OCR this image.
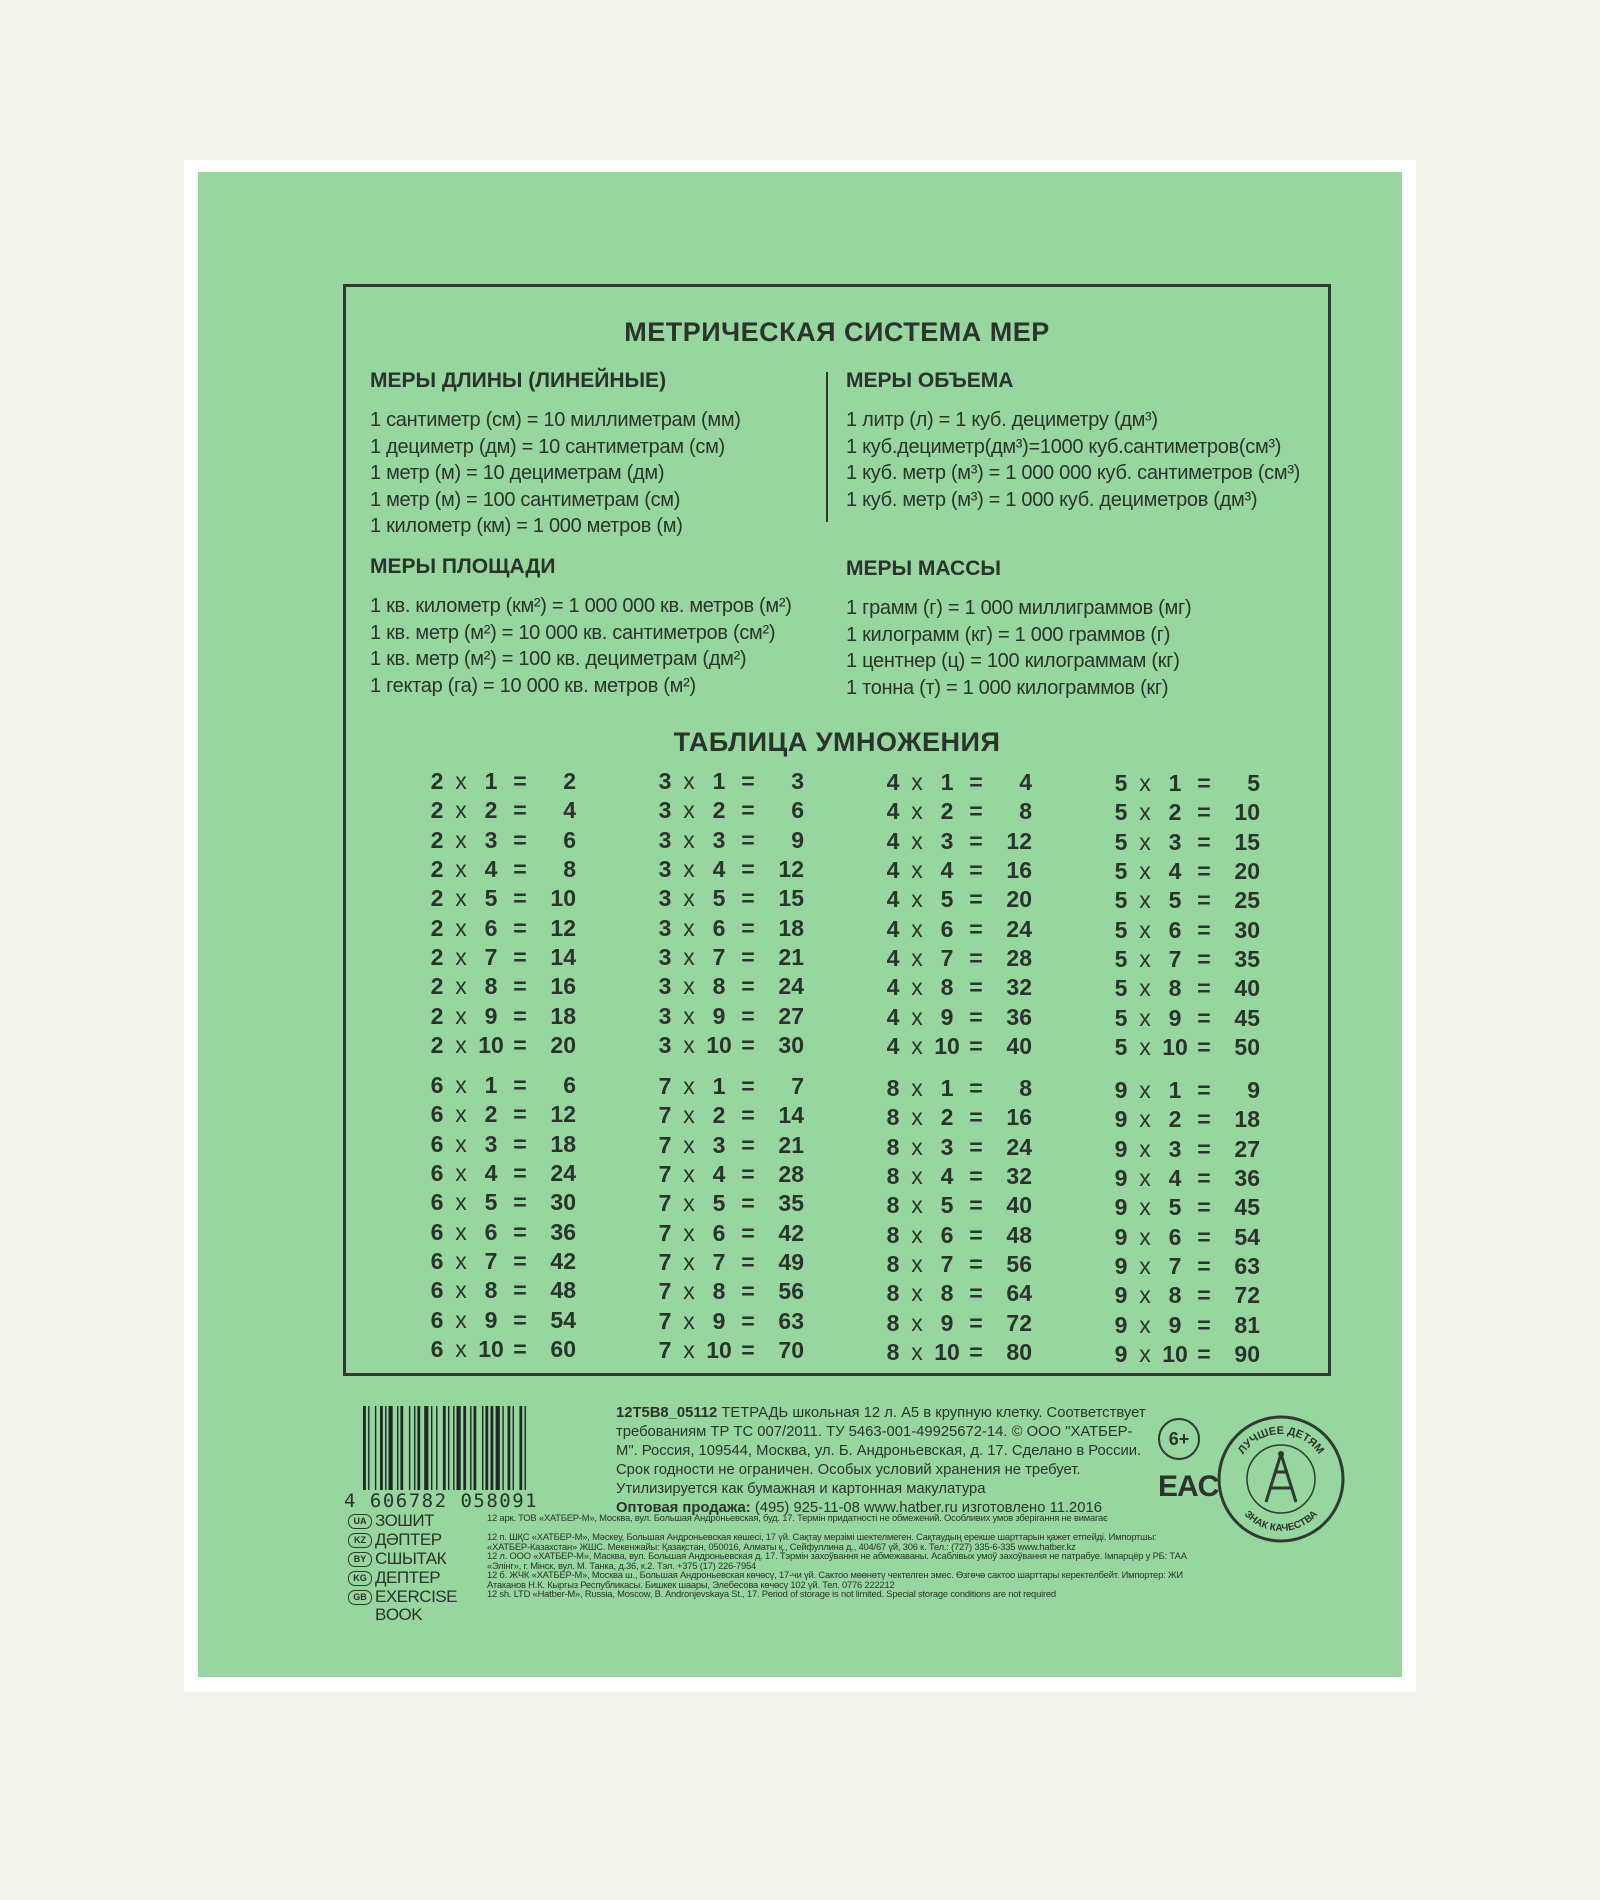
МЕТРИЧЕСКАЯ СИСТЕМА МЕР
МЕРЫ ДЛИНЫ (ЛИНЕЙНЫЕ)
1 сантиметр (см) = 10 миллиметрам (мм)
1 дециметр (дм) = 10 сантиметрам (см)
1 метр (м) = 10 дециметрам (дм)
1 метр (м) = 100 сантиметрам (см)
1 километр (км) = 1 000 метров (м)
МЕРЫ ОБЪЕМА
1 литр (л) = 1 куб. дециметру (дм³)
1 куб.дециметр(дм³)=1000 куб.сантиметров(см³)
1 куб. метр (м³) = 1 000 000 куб. сантиметров (см³)
1 куб. метр (м³) = 1 000 куб. дециметров (дм³)
МЕРЫ ПЛОЩАДИ
1 кв. километр (км²) = 1 000 000 кв. метров (м²)
1 кв. метр (м²) = 10 000 кв. сантиметров (см²)
1 кв. метр (м²) = 100 кв. дециметрам (дм²)
1 гектар (га) = 10 000 кв. метров (м²)
МЕРЫ МАССЫ
1 грамм (г) = 1 000 миллиграммов (мг)
1 килограмм (кг) = 1 000 граммов (г)
1 центнер (ц) = 100 килограммам (кг)
1 тонна (т) = 1 000 килограммов (кг)
ТАБЛИЦА УМНОЖЕНИЯ
2 x 1 =	2
2 x 2 =	4
2 x 3 =	6
2 x 4 =	8
2 x 5 =	10
2 x 6 =	12
2 x 7 =	14
2 x 8 =	16
2 x 9 =	18
2 x 10 =	20
3 x 1 =	3
3 x 2 =	6
3 x 3 =	9
3 x 4 =	12
3 x 5 =	15
3 x 6 =	18
3 x 7 =	21
3 x 8 =	24
3 x 9 =	27
3 x 10 =	30
4 x 1 =	4
4 x 2 =	8
4 x 3 =	12
4 x 4 =	16
4 x 5 =	20
4 x 6 =	24
4 x 7 =	28
4 x 8 =	32
4 x 9 =	36
4 x 10 =	40
5 x 1 =	5
5 x 2 =	10
5 x 3 =	15
5 x 4 =	20
5 x 5 =	25
5 x 6 =	30
5 x 7 =	35
5 x 8 =	40
5 x 9 =	45
5 x 10 =	50
6 x 1 =	6
6 x 2 =	12
6 x 3 =	18
6 x 4 =	24
6 x 5 =	30
6 x 6 =	36
6 x 7 =	42
6 x 8 =	48
6 x 9 =	54
6 x 10 =	60
7 x 1 =	7
7 x 2 =	14
7 x 3 =	21
7 x 4 =	28
7 x 5 =	35
7 x 6 =	42
7 x 7 =	49
7 x 8 =	56
7 x 9 =	63
7 x 10 =	70
8 x 1 =	8
8 x 2 =	16
8 x 3 =	24
8 x 4 =	32
8 x 5 =	40
8 x 6 =	48
8 x 7 =	56
8 x 8 =	64
8 x 9 =	72
8 x 10 =	80
9 x 1 =	9
9 x 2 =	18
9 x 3 =	27
9 x 4 =	36
9 x 5 =	45
9 x 6 =	54
9 x 7 =	63
9 x 8 =	72
9 x 9 =	81
9 x 10 =	90
4 606782 058091
12Т5В8_05112 ТЕТРАДЬ школьная 12 л. А5 в крупную клетку. Соответствует требованиям ТР ТС 007/2011. ТУ 5463-001-49925672-14. © ООО "ХАТБЕР-М". Россия, 109544, Москва, ул. Б. Андроньевская, д. 17. Сделано в России. Срок годности не ограничен. Особых условий хранения не требует. Утилизируется как бумажная и картонная макулатура
Оптовая продажа: (495) 925-11-08 www.hatber.ru изготовлено 11.2016
6+
EAC
ЛУЧШЕЕ ДЕТЯМ
ЗНАК КАЧЕСТВА
UA ЗОШИТ	12 арк. ТОВ «ХАТБЕР-М», Москва, вул. Большая Андроньевская, буд. 17. Термін придатності не обмежений. Особливих умов зберігання не вимагає
KZ ДӘПТЕР	12 п. ШҚС «ХАТБЕР-М», Мәскеу, Большая Андроньевская көшесі, 17 үй. Сақтау мерзімі шектелмеген. Сақтаудың ерекше шарттарын қажет етпейді. Импортшы: «ХАТБЕР-Казахстан» ЖШС. Мекенжайы: Қазақстан, 050016, Алматы қ., Сейфуллина д., 404/67 үй, 306 к. Тел.: (727) 335-6-335 www.hatber.kz
BY СШЫТАК	12 л. ООО «ХАТБЕР-М», Масква, вул. Большая Андроньевская д. 17. Тэрмін захоўвання не абмежаваны. Асаблівых умоў захоўвання не патрабуе. Імпарцёр у РБ: ТАА «Элінг», г. Мінск, вул. М. Танка, д.36, к.2. Тэл. +375 (17) 226-7954
KG ДЕПТЕР	12 б. ЖЧК «ХАТБЕР-М», Москва ш., Большая Андроньевская көчөсү, 17-чи үй. Сактоо мөөнөтү чектелген эмес. Өзгөчө сактоо шарттары керектелбейт. Импортер: ЖИ Атаканов Н.К. Кыргыз Республикасы. Бишкек шаары, Элебесова көчөсү 102 үй. Тел. 0776 222212
GB EXERCISE BOOK
12 sh. LTD «Hatber-M», Russia, Moscow, B. Andronjevskaya St., 17. Period of storage is not limited. Special storage conditions are not required
